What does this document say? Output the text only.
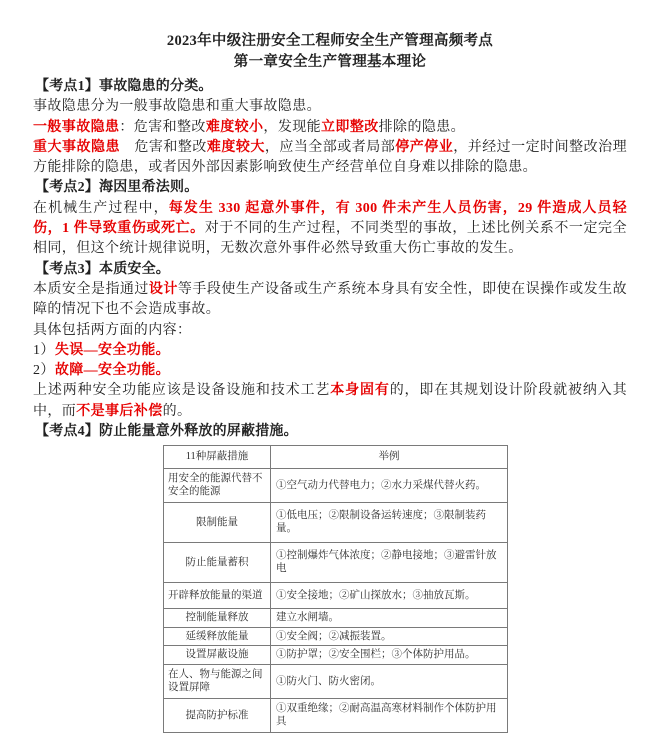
2023年中级注册安全工程师安全生产管理高频考点
第一章安全生产管理基本理论

【考点1】事故隐患的分类。

事故隐患分为一般事故隐患和重大事故隐患。

一般事故隐患：危害和整改难度较小，发现能立即整改排除的隐患。

重大事故隐患　危害和整改难度较大，应当全部或者局部停产停业，并经过一定时间整改治理方能排除的隐患，或者因外部因素影响致使生产经营单位自身难以排除的隐患。

【考点2】海因里希法则。

在机械生产过程中，每发生 330 起意外事件，有 300 件未产生人员伤害，29 件造成人员轻伤，1 件导致重伤或死亡。对于不同的生产过程，不同类型的事故，上述比例关系不一定完全相同，但这个统计规律说明，无数次意外事件必然导致重大伤亡事故的发生。

【考点3】本质安全。

本质安全是指通过设计等手段使生产设备或生产系统本身具有安全性，即使在误操作或发生故障的情况下也不会造成事故。

具体包括两方面的内容：

1）失误—安全功能。

2）故障—安全功能。

上述两种安全功能应该是设备设施和技术工艺本身固有的，即在其规划设计阶段就被纳入其中，而不是事后补偿的。

【考点4】防止能量意外释放的屏蔽措施。

11种屏蔽措施	举例
用安全的能源代替不安全的能源	①空气动力代替电力；②水力采煤代替火药。
限制能量	①低电压；②限制设备运转速度；③限制装药量。
防止能量蓄积	①控制爆炸气体浓度；②静电接地；③避雷针放电
开辟释放能量的渠道	①安全接地；②矿山探放水；③抽放瓦斯。
控制能量释放	建立水闸墙。
延缓释放能量	①安全阀；②减振装置。
设置屏蔽设施	①防护罩；②安全围栏；③个体防护用品。
在人、物与能源之间设置屏障	①防火门、防火密闭。
提高防护标准	①双重绝缘；②耐高温高寒材料制作个体防护用具
